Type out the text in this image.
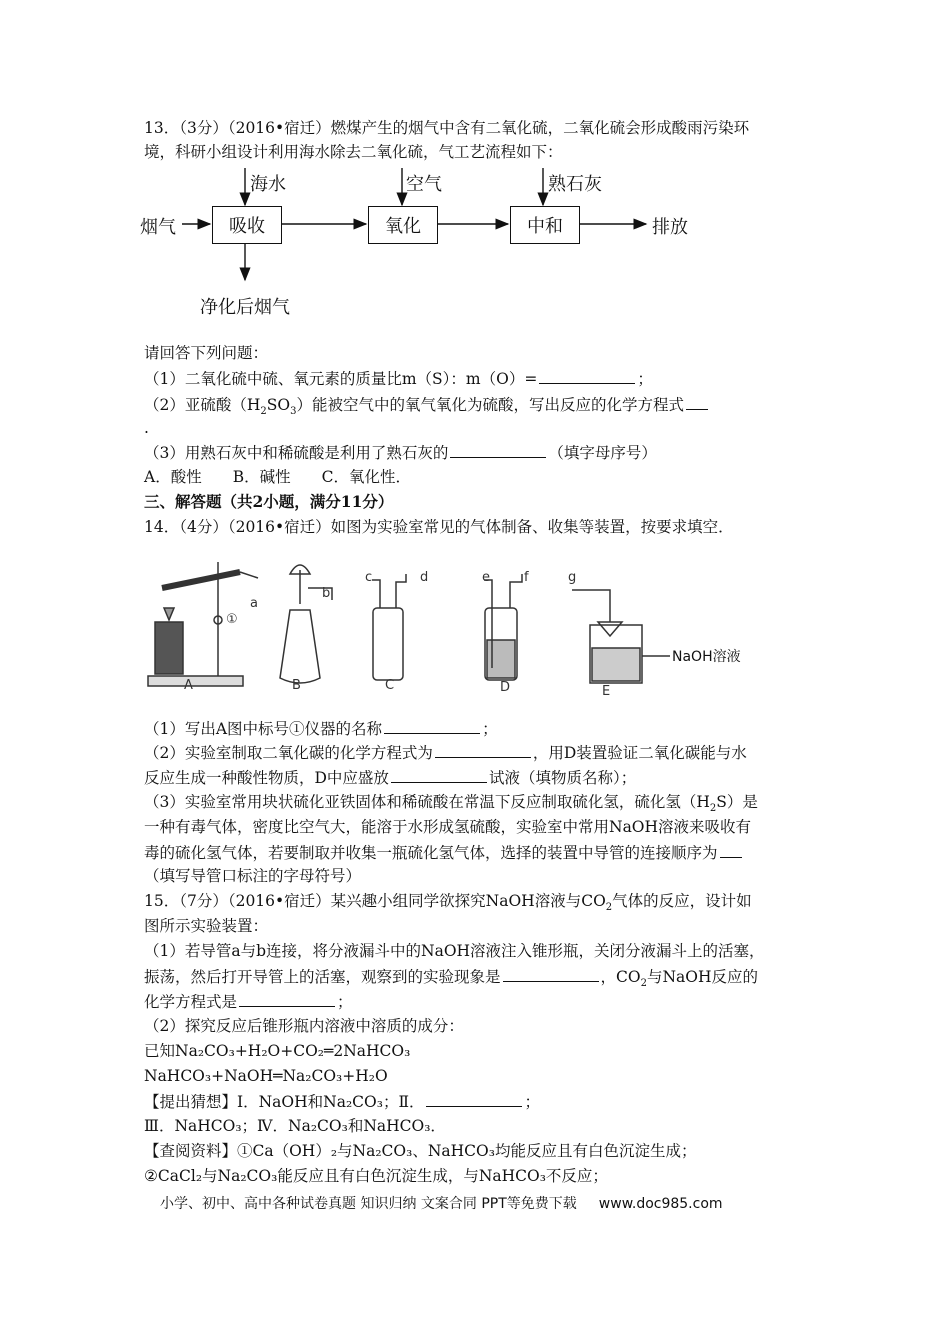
13．（3分）（2016•宿迁）燃煤产生的烟气中含有二氧化硫，二氧化硫会形成酸雨污染环
境，科研小组设计利用海水除去二氧化硫，气工艺流程如下：
烟气	吸收	氧化	中和	排放
海水	空气	熟石灰
净化后烟气
请回答下列问题：
（1）二氧化硫中硫、氧元素的质量比m（S）：m（O）=	；
（2）亚硫酸$(H_2SO_3)$能被空气中的氧气氧化为硫酸，写出反应的化学方程式
.
（3）用熟石灰中和稀硫酸是利用了熟石灰的	（填字母序号）
A．酸性　　B．碱性　　C．氧化性．
三、解答题（共2小题，满分11分）
14．（4分）（2016•宿迁）如图为实验室常见的气体制备、收集等装置，按要求填空．
A	B	C	D	E
a
b
c	d	e	f	g
①
NaOH溶液
（1）写出A图中标号①仪器的名称	；
（2）实验室制取二氧化碳的化学方程式为	，用D装置验证二氧化碳能与水
反应生成一种酸性物质，D中应盛放	试液（填物质名称）；
（3）实验室常用块状硫化亚铁固体和稀硫酸在常温下反应制取硫化氢，硫化氢$(H_2S)$是
一种有毒气体，密度比空气大，能溶于水形成氢硫酸，实验室中常用NaOH溶液来吸收有
毒的硫化氢气体，若要制取并收集一瓶硫化氢气体，选择的装置中导管的连接顺序为
（填写导管口标注的字母符号）
15．（7分）（2016•宿迁）某兴趣小组同学欲探究NaOH溶液与$CO_2$气体的反应，设计如
图所示实验装置：
（1）若导管a与b连接，将分液漏斗中的NaOH溶液注入锥形瓶，关闭分液漏斗上的活塞，
振荡，然后打开导管上的活塞，观察到的实验现象是	，$CO_2$与NaOH反应的
化学方程式是	；
（2）探究反应后锥形瓶内溶液中溶质的成分：
已知Na₂CO₃+H₂O+CO₂═2NaHCO₃
NaHCO₃+NaOH═Na₂CO₃+H₂O
【提出猜想】Ⅰ．NaOH和Na₂CO₃；Ⅱ．	；
Ⅲ．NaHCO₃；Ⅳ．Na₂CO₃和NaHCO₃．
【查阅资料】①Ca（OH）₂与Na₂CO₃、NaHCO₃均能反应且有白色沉淀生成；
②CaCl₂与Na₂CO₃能反应且有白色沉淀生成，与NaHCO₃不反应；
小学、初中、高中各种试卷真题 知识归纳 文案合同 PPT等免费下载 www.doc985.com
